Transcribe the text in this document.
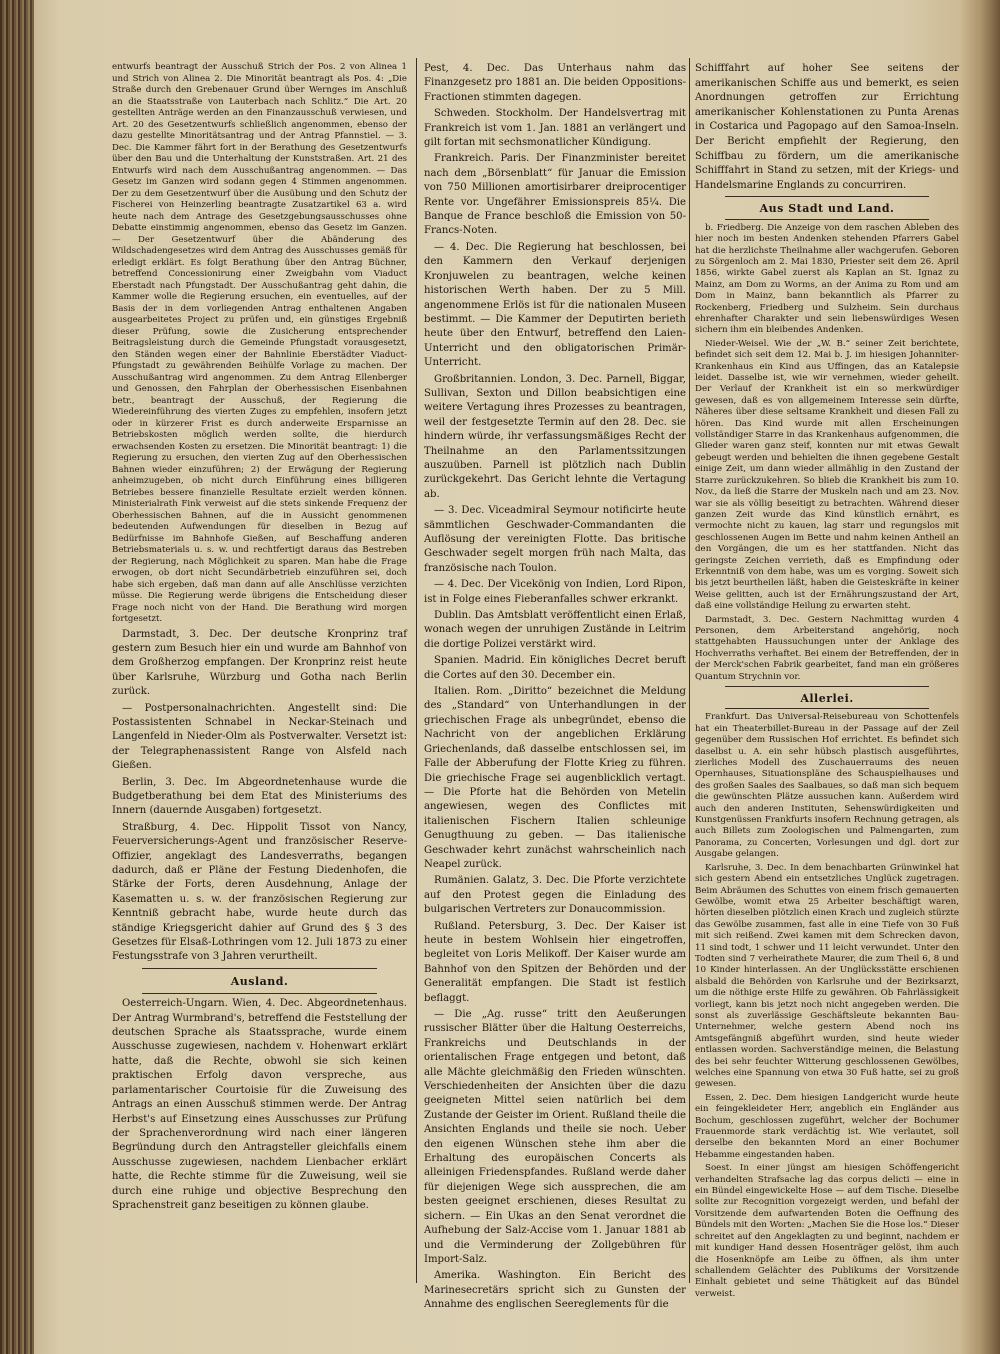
entwurfs beantragt der Ausschuß Strich der Pos. 2 von Alinea 1 und Strich von Alinea 2. Die Minorität beantragt als Pos. 4: „Die Straße durch den Grebenauer Grund über Wernges im Anschluß an die Staatsstraße von Lauterbach nach Schlitz.“ Die Art. 20 gestellten Anträge werden an den Finanzausschuß verwiesen, und Art. 20 des Gesetzentwurfs schließlich angenommen, ebenso der dazu gestellte Minoritätsantrag und der Antrag Pfannstiel. — 3. Dec. Die Kammer fährt fort in der Berathung des Gesetzentwurfs über den Bau und die Unterhaltung der Kunststraßen. Art. 21 des Entwurfs wird nach dem Ausschußantrag angenommen. — Das Gesetz im Ganzen wird sodann gegen 4 Stimmen angenommen. Der zu dem Gesetzentwurf über die Ausübung und den Schutz der Fischerei von Heinzerling beantragte Zusatzartikel 63 a. wird heute nach dem Antrage des Gesetzgebungsausschusses ohne Debatte einstimmig angenommen, ebenso das Gesetz im Ganzen. — Der Gesetzentwurf über die Abänderung des Wildschadengesetzes wird dem Antrag des Ausschusses gemäß für erledigt erklärt. Es folgt Berathung über den Antrag Büchner, betreffend Concessionirung einer Zweigbahn vom Viaduct Eberstadt nach Pfungstadt. Der Ausschußantrag geht dahin, die Kammer wolle die Regierung ersuchen, ein eventuelles, auf der Basis der in dem vorliegenden Antrag enthaltenen Angaben ausgearbeitetes Project zu prüfen und, ein günstiges Ergebniß dieser Prüfung, sowie die Zusicherung entsprechender Beitragsleistung durch die Gemeinde Pfungstadt vorausgesetzt, den Ständen wegen einer der Bahnlinie Eberstädter Viaduct-Pfungstadt zu gewährenden Beihülfe Vorlage zu machen. Der Ausschußantrag wird angenommen. Zu dem Antrag Ellenberger und Genossen, den Fahrplan der Oberhessischen Eisenbahnen betr., beantragt der Ausschuß, der Regierung die Wiedereinführung des vierten Zuges zu empfehlen, insofern jetzt oder in kürzerer Frist es durch anderweite Ersparnisse an Betriebskosten möglich werden sollte, die hierdurch erwachsenden Kosten zu ersetzen. Die Minorität beantragt: 1) die Regierung zu ersuchen, den vierten Zug auf den Oberhessischen Bahnen wieder einzuführen; 2) der Erwägung der Regierung anheimzugeben, ob nicht durch Einführung eines billigeren Betriebes bessere finanzielle Resultate erzielt werden können. Ministerialrath Fink verweist auf die stets sinkende Frequenz der Oberhessischen Bahnen, auf die in Aussicht genommenen bedeutenden Aufwendungen für dieselben in Bezug auf Bedürfnisse im Bahnhofe Gießen, auf Beschaffung anderen Betriebsmaterials u. s. w. und rechtfertigt daraus das Bestreben der Regierung, nach Möglichkeit zu sparen. Man habe die Frage erwogen, ob dort nicht Secundärbetrieb einzuführen sei, doch habe sich ergeben, daß man dann auf alle Anschlüsse verzichten müsse. Die Regierung werde übrigens die Entscheidung dieser Frage noch nicht von der Hand. Die Berathung wird morgen fortgesetzt.

Darmstadt, 3. Dec. Der deutsche Kronprinz traf gestern zum Besuch hier ein und wurde am Bahnhof von dem Großherzog empfangen. Der Kronprinz reist heute über Karlsruhe, Würzburg und Gotha nach Berlin zurück.

— Postpersonalnachrichten. Angestellt sind: Die Postassistenten Schnabel in Neckar-Steinach und Langenfeld in Nieder-Olm als Postverwalter. Versetzt ist: der Telegraphenassistent Range von Alsfeld nach Gießen.

Berlin, 3. Dec. Im Abgeordnetenhause wurde die Budgetberathung bei dem Etat des Ministeriums des Innern (dauernde Ausgaben) fortgesetzt.

Straßburg, 4. Dec. Hippolit Tissot von Nancy, Feuerversicherungs-Agent und französischer Reserve-Offizier, angeklagt des Landesverraths, begangen dadurch, daß er Pläne der Festung Diedenhofen, die Stärke der Forts, deren Ausdehnung, Anlage der Kasematten u. s. w. der französischen Regierung zur Kenntniß gebracht habe, wurde heute durch das ständige Kriegsgericht dahier auf Grund des § 3 des Gesetzes für Elsaß-Lothringen vom 12. Juli 1873 zu einer Festungsstrafe von 3 Jahren verurtheilt.

Ausland.

Oesterreich-Ungarn. Wien, 4. Dec. Abgeordnetenhaus. Der Antrag Wurmbrand's, betreffend die Feststellung der deutschen Sprache als Staatssprache, wurde einem Ausschusse zugewiesen, nachdem v. Hohenwart erklärt hatte, daß die Rechte, obwohl sie sich keinen praktischen Erfolg davon verspreche, aus parlamentarischer Courtoisie für die Zuweisung des Antrags an einen Ausschuß stimmen werde. Der Antrag Herbst's auf Einsetzung eines Ausschusses zur Prüfung der Sprachenverordnung wird nach einer längeren Begründung durch den Antragsteller gleichfalls einem Ausschusse zugewiesen, nachdem Lienbacher erklärt hatte, die Rechte stimme für die Zuweisung, weil sie durch eine ruhige und objective Besprechung den Sprachenstreit ganz beseitigen zu können glaube.

Pest, 4. Dec. Das Unterhaus nahm das Finanzgesetz pro 1881 an. Die beiden Oppositions-Fractionen stimmten dagegen.

Schweden. Stockholm. Der Handelsvertrag mit Frankreich ist vom 1. Jan. 1881 an verlängert und gilt fortan mit sechsmonatlicher Kündigung.

Frankreich. Paris. Der Finanzminister bereitet nach dem „Börsenblatt“ für Januar die Emission von 750 Millionen amortisirbarer dreiprocentiger Rente vor. Ungefährer Emissionspreis 85¼. Die Banque de France beschloß die Emission von 50-Francs-Noten.

— 4. Dec. Die Regierung hat beschlossen, bei den Kammern den Verkauf derjenigen Kronjuwelen zu beantragen, welche keinen historischen Werth haben. Der zu 5 Mill. angenommene Erlös ist für die nationalen Museen bestimmt. — Die Kammer der Deputirten berieth heute über den Entwurf, betreffend den Laien-Unterricht und den obligatorischen Primär-Unterricht.

Großbritannien. London, 3. Dec. Parnell, Biggar, Sullivan, Sexton und Dillon beabsichtigen eine weitere Vertagung ihres Prozesses zu beantragen, weil der festgesetzte Termin auf den 28. Dec. sie hindern würde, ihr verfassungsmäßiges Recht der Theilnahme an den Parlamentssitzungen auszuüben. Parnell ist plötzlich nach Dublin zurückgekehrt. Das Gericht lehnte die Vertagung ab.

— 3. Dec. Viceadmiral Seymour notificirte heute sämmtlichen Geschwader-Commandanten die Auflösung der vereinigten Flotte. Das britische Geschwader segelt morgen früh nach Malta, das französische nach Toulon.

— 4. Dec. Der Vicekönig von Indien, Lord Ripon, ist in Folge eines Fieberanfalles schwer erkrankt.

Dublin. Das Amtsblatt veröffentlicht einen Erlaß, wonach wegen der unruhigen Zustände in Leitrim die dortige Polizei verstärkt wird.

Spanien. Madrid. Ein königliches Decret beruft die Cortes auf den 30. December ein.

Italien. Rom. „Diritto“ bezeichnet die Meldung des „Standard“ von Unterhandlungen in der griechischen Frage als unbegründet, ebenso die Nachricht von der angeblichen Erklärung Griechenlands, daß dasselbe entschlossen sei, im Falle der Abberufung der Flotte Krieg zu führen. Die griechische Frage sei augenblicklich vertagt. — Die Pforte hat die Behörden von Metelin angewiesen, wegen des Conflictes mit italienischen Fischern Italien schleunige Genugthuung zu geben. — Das italienische Geschwader kehrt zunächst wahrscheinlich nach Neapel zurück.

Rumänien. Galatz, 3. Dec. Die Pforte verzichtete auf den Protest gegen die Einladung des bulgarischen Vertreters zur Donaucommission.

Rußland. Petersburg, 3. Dec. Der Kaiser ist heute in bestem Wohlsein hier eingetroffen, begleitet von Loris Melikoff. Der Kaiser wurde am Bahnhof von den Spitzen der Behörden und der Generalität empfangen. Die Stadt ist festlich beflaggt.

— Die „Ag. russe“ tritt den Aeußerungen russischer Blätter über die Haltung Oesterreichs, Frankreichs und Deutschlands in der orientalischen Frage entgegen und betont, daß alle Mächte gleichmäßig den Frieden wünschten. Verschiedenheiten der Ansichten über die dazu geeigneten Mittel seien natürlich bei dem Zustande der Geister im Orient. Rußland theile die Ansichten Englands und theile sie noch. Ueber den eigenen Wünschen stehe ihm aber die Erhaltung des europäischen Concerts als alleinigen Friedenspfandes. Rußland werde daher für diejenigen Wege sich aussprechen, die am besten geeignet erschienen, dieses Resultat zu sichern. — Ein Ukas an den Senat verordnet die Aufhebung der Salz-Accise vom 1. Januar 1881 ab und die Verminderung der Zollgebühren für Import-Salz.

Amerika. Washington. Ein Bericht des Marinesecretärs spricht sich zu Gunsten der Annahme des englischen Seereglements für die

Schifffahrt auf hoher See seitens der amerikanischen Schiffe aus und bemerkt, es seien Anordnungen getroffen zur Errichtung amerikanischer Kohlenstationen zu Punta Arenas in Costarica und Pagopago auf den Samoa-Inseln. Der Bericht empfiehlt der Regierung, den Schiffbau zu fördern, um die amerikanische Schifffahrt in Stand zu setzen, mit der Kriegs- und Handelsmarine Englands zu concurriren.

Aus Stadt und Land.

b. Friedberg. Die Anzeige von dem raschen Ableben des hier noch im besten Andenken stehenden Pfarrers Gabel hat die herzlichste Theilnahme aller wachgerufen. Geboren zu Sörgenloch am 2. Mai 1830, Priester seit dem 26. April 1856, wirkte Gabel zuerst als Kaplan an St. Ignaz zu Mainz, am Dom zu Worms, an der Anima zu Rom und am Dom in Mainz, bann bekanntlich als Pfarrer zu Rockenberg, Friedberg und Sulzheim. Sein durchaus ehrenhafter Charakter und sein liebenswürdiges Wesen sichern ihm ein bleibendes Andenken.

Nieder-Weisel. Wie der „W. B.“ seiner Zeit berichtete, befindet sich seit dem 12. Mai b. J. im hiesigen Johanniter-Krankenhaus ein Kind aus Uffingen, das an Katalepsie leidet. Dasselbe ist, wie wir vernehmen, wieder geheilt. Der Verlauf der Krankheit ist ein so merkwürdiger gewesen, daß es von allgemeinem Interesse sein dürfte, Näheres über diese seltsame Krankheit und diesen Fall zu hören. Das Kind wurde mit allen Erscheinungen vollständiger Starre in das Krankenhaus aufgenommen, die Glieder waren ganz steif, konnten nur mit etwas Gewalt gebeugt werden und behielten die ihnen gegebene Gestalt einige Zeit, um dann wieder allmählig in den Zustand der Starre zurückzukehren. So blieb die Krankheit bis zum 10. Nov., da ließ die Starre der Muskeln nach und am 23. Nov. war sie als völlig beseitigt zu betrachten. Während dieser ganzen Zeit wurde das Kind künstlich ernährt, es vermochte nicht zu kauen, lag starr und regungslos mit geschlossenen Augen im Bette und nahm keinen Antheil an den Vorgängen, die um es her stattfanden. Nicht das geringste Zeichen verrieth, daß es Empfindung oder Erkenntniß von dem habe, was um es vorging. Soweit sich bis jetzt beurtheilen läßt, haben die Geisteskräfte in keiner Weise gelitten, auch ist der Ernährungszustand der Art, daß eine vollständige Heilung zu erwarten steht.

Darmstadt, 3. Dec. Gestern Nachmittag wurden 4 Personen, dem Arbeiterstand angehörig, noch stattgehabten Haussuchungen unter der Anklage des Hochverraths verhaftet. Bei einem der Betreffenden, der in der Merck'schen Fabrik gearbeitet, fand man ein größeres Quantum Strychnin vor.

Allerlei.

Frankfurt. Das Universal-Reisebureau von Schottenfels hat ein Theaterbillet-Bureau in der Passage auf der Zeil gegenüber dem Russischen Hof errichtet. Es befindet sich daselbst u. A. ein sehr hübsch plastisch ausgeführtes, zierliches Modell des Zuschauerraums des neuen Opernhauses, Situationspläne des Schauspielhauses und des großen Saales des Saalbaues, so daß man sich bequem die gewünschten Plätze aussuchen kann. Außerdem wird auch den anderen Instituten, Sehenswürdigkeiten und Kunstgenüssen Frankfurts insofern Rechnung getragen, als auch Billets zum Zoologischen und Palmengarten, zum Panorama, zu Concerten, Vorlesungen und dgl. dort zur Ausgabe gelangen.

Karlsruhe, 3. Dec. In dem benachbarten Grünwinkel hat sich gestern Abend ein entsetzliches Unglück zugetragen. Beim Abräumen des Schuttes von einem frisch gemauerten Gewölbe, womit etwa 25 Arbeiter beschäftigt waren, hörten dieselben plötzlich einen Krach und zugleich stürzte das Gewölbe zusammen, fast alle in eine Tiefe von 30 Fuß mit sich reißend. Zwei kamen mit dem Schrecken davon, 11 sind todt, 1 schwer und 11 leicht verwundet. Unter den Todten sind 7 verheirathete Maurer, die zum Theil 6, 8 und 10 Kinder hinterlassen. An der Unglücksstätte erschienen alsbald die Behörden von Karlsruhe und der Bezirksarzt, um die nöthige erste Hilfe zu gewähren. Ob Fahrlässigkeit vorliegt, kann bis jetzt noch nicht angegeben werden. Die sonst als zuverlässige Geschäftsleute bekannten Bau-Unternehmer, welche gestern Abend noch ins Amtsgefängniß abgeführt wurden, sind heute wieder entlassen worden. Sachverständige meinen, die Belastung des bei sehr feuchter Witterung geschlossenen Gewölbes, welches eine Spannung von etwa 30 Fuß hatte, sei zu groß gewesen.

Essen, 2. Dec. Dem hiesigen Landgericht wurde heute ein feingekleideter Herr, angeblich ein Engländer aus Bochum, geschlossen zugeführt, welcher der Bochumer Frauenmorde stark verdächtig ist. Wie verlautet, soll derselbe den bekannten Mord an einer Bochumer Hebamme eingestanden haben.

Soest. In einer jüngst am hiesigen Schöffengericht verhandelten Strafsache lag das corpus delicti — eine in ein Bündel eingewickelte Hose — auf dem Tische. Dieselbe sollte zur Recognition vorgezeigt werden, und befahl der Vorsitzende dem aufwartenden Boten die Oeffnung des Bündels mit den Worten: „Machen Sie die Hose los.“ Dieser schreitet auf den Angeklagten zu und beginnt, nachdem er mit kundiger Hand dessen Hosenträger gelöst, ihm auch die Hosenknöpfe am Leibe zu öffnen, als ihm unter schallendem Gelächter des Publikums der Vorsitzende Einhalt gebietet und seine Thätigkeit auf das Bündel verweist.
